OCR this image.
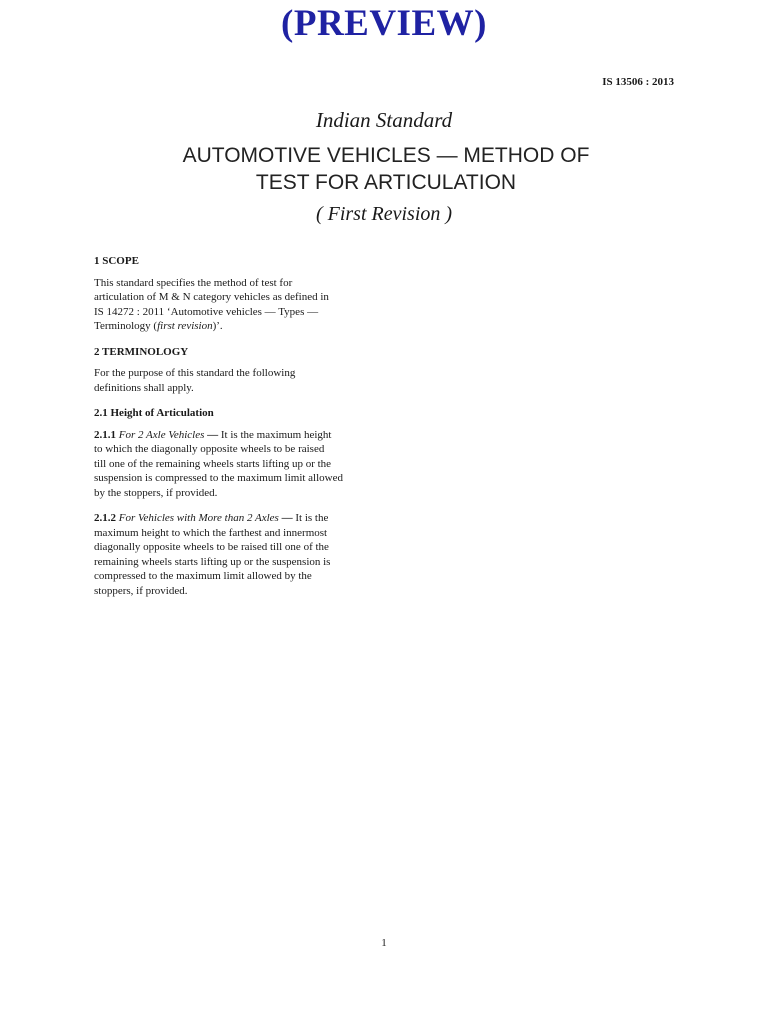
(PREVIEW)
IS 13506 : 2013
Indian Standard
AUTOMOTIVE VEHICLES — METHOD OF
TEST FOR ARTICULATION
( First Revision )
1 SCOPE
This standard specifies the method of test for
articulation of M & N category vehicles as defined in
IS 14272 : 2011 ‘Automotive vehicles — Types —
Terminology (first revision)’.
2 TERMINOLOGY
For the purpose of this standard the following
definitions shall apply.
2.1 Height of Articulation
2.1.1 For 2 Axle Vehicles — It is the maximum height
to which the diagonally opposite wheels to be raised
till one of the remaining wheels starts lifting up or the
suspension is compressed to the maximum limit allowed
by the stoppers, if provided.
2.1.2 For Vehicles with More than 2 Axles — It is the
maximum height to which the farthest and innermost
diagonally opposite wheels to be raised till one of the
remaining wheels starts lifting up or the suspension is
compressed to the maximum limit allowed by the
stoppers, if provided.
1
